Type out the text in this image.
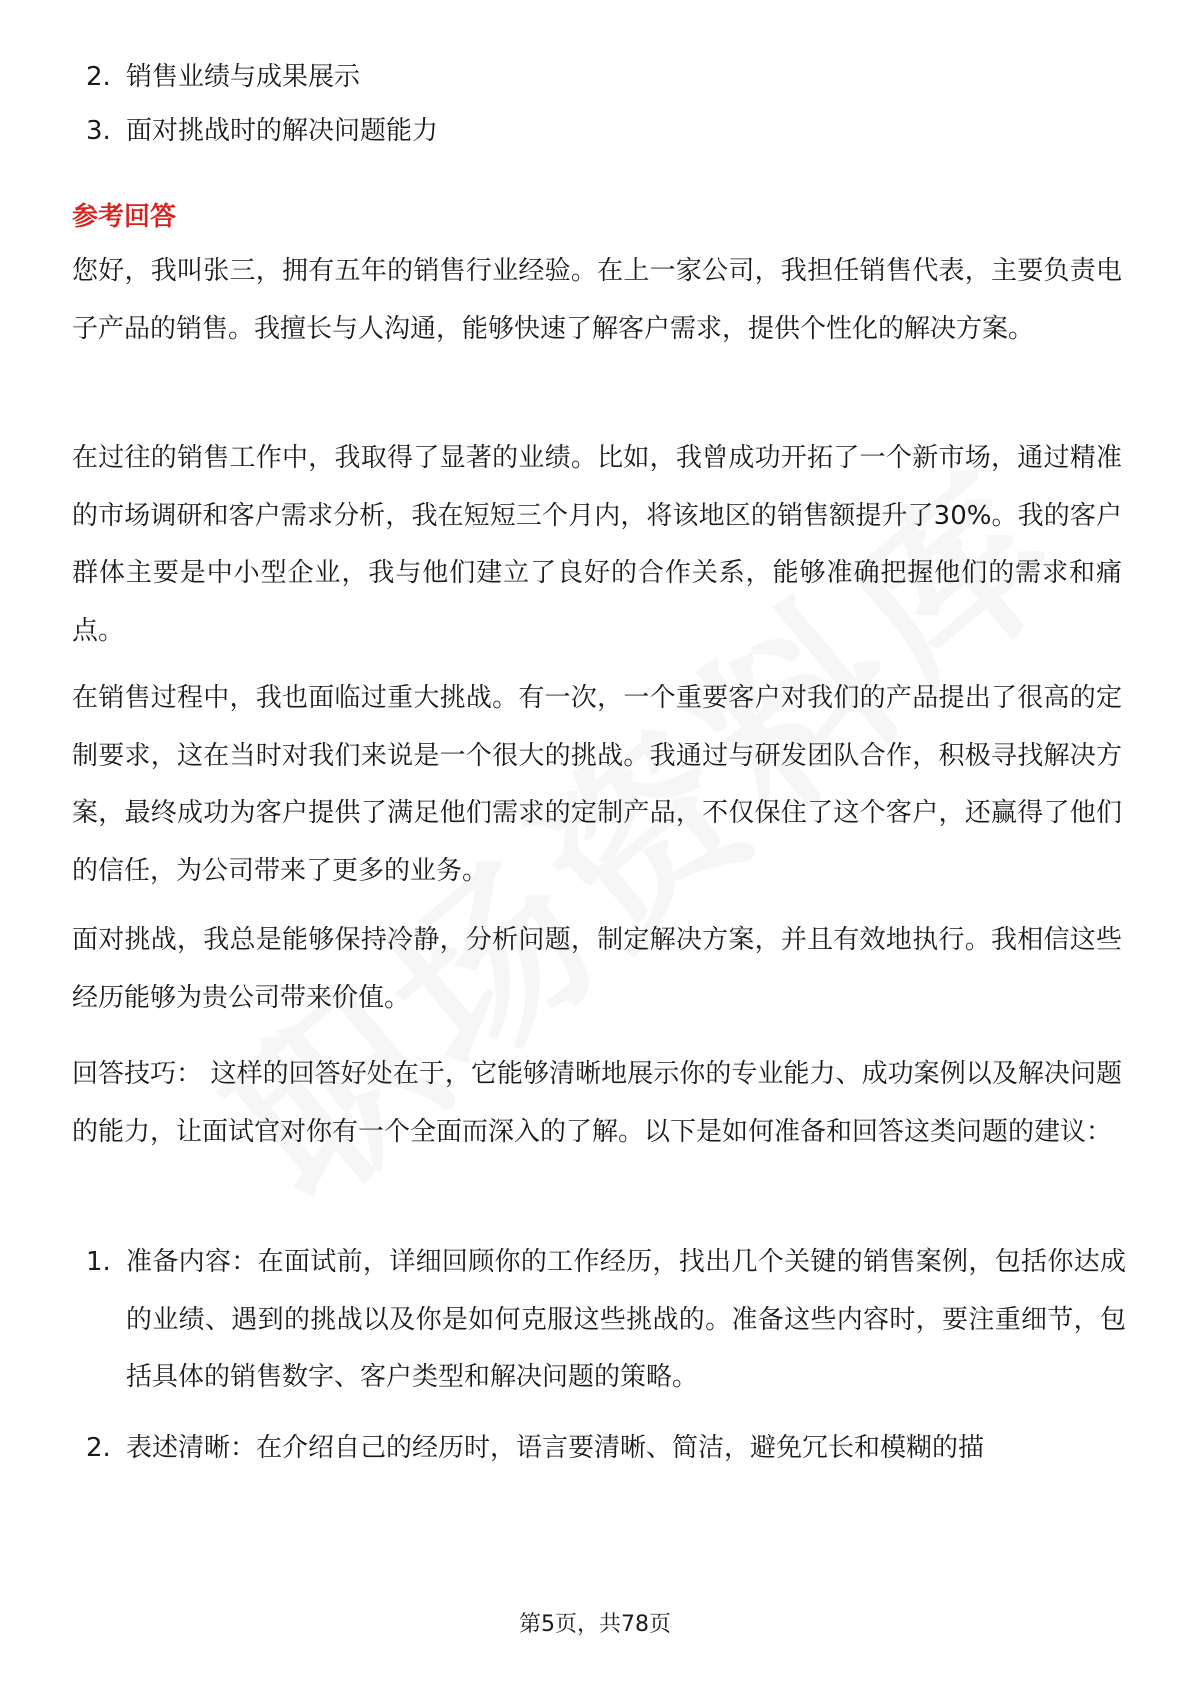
2. 销售业绩与成果展示
3. 面对挑战时的解决问题能力
参考回答

您好，我叫张三，拥有五年的销售行业经验。在上一家公司，我担任销售代表，主要负责电子产品的销售。我擅长与人沟通，能够快速了解客户需求，提供个性化的解决方案。

在过往的销售工作中，我取得了显著的业绩。比如，我曾成功开拓了一个新市场，通过精准的市场调研和客户需求分析，我在短短三个月内，将该地区的销售额提升了30%。我的客户群体主要是中小型企业，我与他们建立了良好的合作关系，能够准确把握他们的需求和痛点。

在销售过程中，我也面临过重大挑战。有一次，一个重要客户对我们的产品提出了很高的定制要求，这在当时对我们来说是一个很大的挑战。我通过与研发团队合作，积极寻找解决方案，最终成功为客户提供了满足他们需求的定制产品，不仅保住了这个客户，还赢得了他们的信任，为公司带来了更多的业务。

面对挑战，我总是能够保持冷静，分析问题，制定解决方案，并且有效地执行。我相信这些经历能够为贵公司带来价值。

回答技巧： 这样的回答好处在于，它能够清晰地展示你的专业能力、成功案例以及解决问题的能力，让面试官对你有一个全面而深入的了解。以下是如何准备和回答这类问题的建议：

1. 准备内容：在面试前，详细回顾你的工作经历，找出几个关键的销售案例，包括你达成的业绩、遇到的挑战以及你是如何克服这些挑战的。准备这些内容时，要注重细节，包括具体的销售数字、客户类型和解决问题的策略。
2. 表述清晰：在介绍自己的经历时，语言要清晰、简洁，避免冗长和模糊的描
第5页，共78页
